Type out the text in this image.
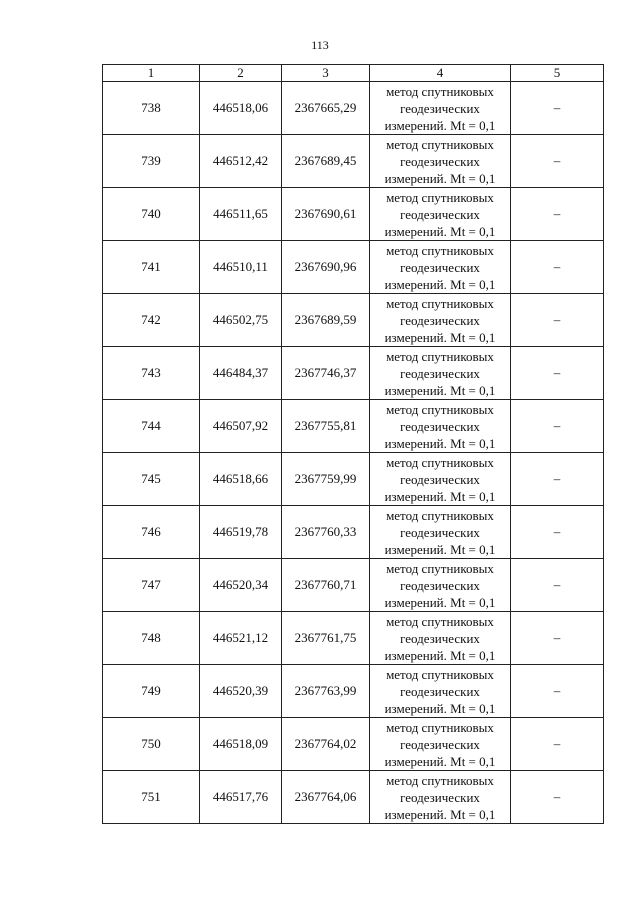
113
1	2	3	4	5
738	446518,06	2367665,29	метод спутниковых
геодезических
измерений. Mt = 0,1	–
739	446512,42	2367689,45	метод спутниковых
геодезических
измерений. Mt = 0,1	–
740	446511,65	2367690,61	метод спутниковых
геодезических
измерений. Mt = 0,1	–
741	446510,11	2367690,96	метод спутниковых
геодезических
измерений. Mt = 0,1	–
742	446502,75	2367689,59	метод спутниковых
геодезических
измерений. Mt = 0,1	–
743	446484,37	2367746,37	метод спутниковых
геодезических
измерений. Mt = 0,1	–
744	446507,92	2367755,81	метод спутниковых
геодезических
измерений. Mt = 0,1	–
745	446518,66	2367759,99	метод спутниковых
геодезических
измерений. Mt = 0,1	–
746	446519,78	2367760,33	метод спутниковых
геодезических
измерений. Mt = 0,1	–
747	446520,34	2367760,71	метод спутниковых
геодезических
измерений. Mt = 0,1	–
748	446521,12	2367761,75	метод спутниковых
геодезических
измерений. Mt = 0,1	–
749	446520,39	2367763,99	метод спутниковых
геодезических
измерений. Mt = 0,1	–
750	446518,09	2367764,02	метод спутниковых
геодезических
измерений. Mt = 0,1	–
751	446517,76	2367764,06	метод спутниковых
геодезических
измерений. Mt = 0,1	–
